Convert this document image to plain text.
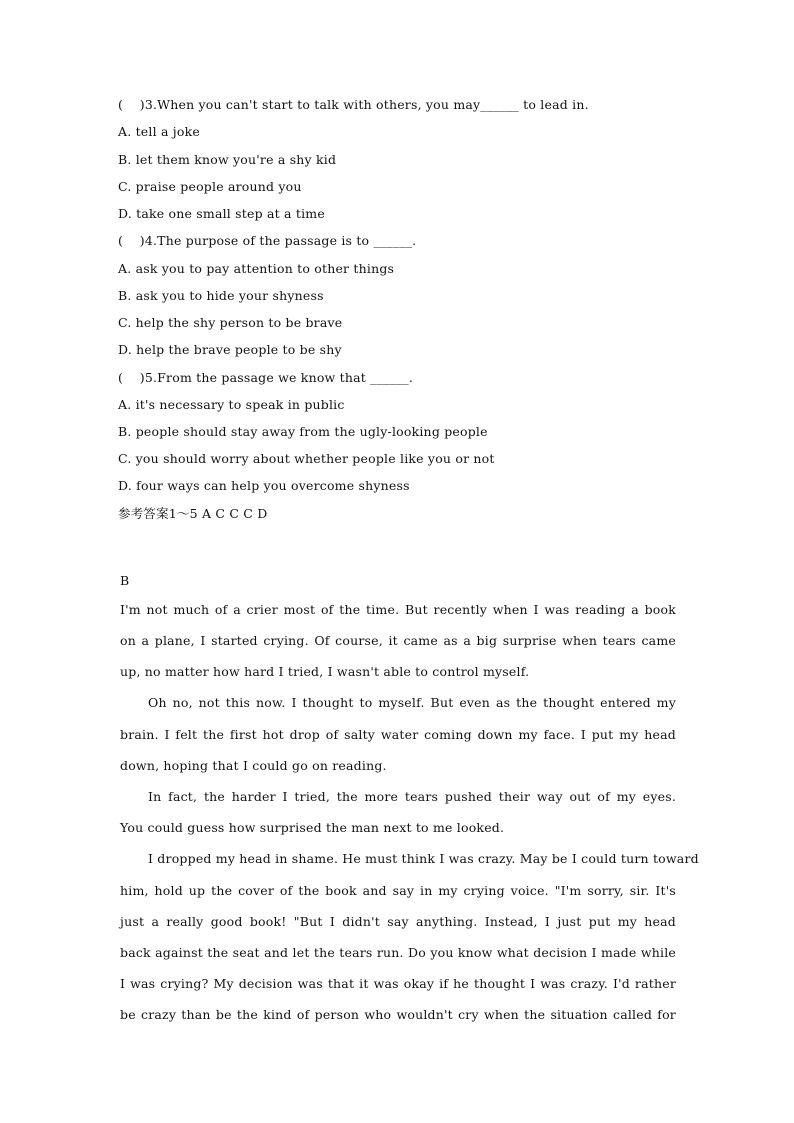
(    )3.When you can't start to talk with others, you may______ to lead in.
A. tell a joke
B. let them know you're a shy kid
C. praise people around you
D. take one small step at a time
(    )4.The purpose of the passage is to ______.
A. ask you to pay attention to other things
B. ask you to hide your shyness
C. help the shy person to be brave
D. help the brave people to be shy
(    )5.From the passage we know that ______.
A. it's necessary to speak in public
B. people should stay away from the ugly-looking people
C. you should worry about whether people like you or not
D. four ways can help you overcome shyness
参考答案1～5 A C C C D
B
I'm not much of a crier most of the time. But recently when I was reading a book
on a plane, I started crying. Of course, it came as a big surprise when tears came
up, no matter how hard I tried, I wasn't able to control myself.
Oh no, not this now. I thought to myself. But even as the thought entered my
brain. I felt the first hot drop of salty water coming down my face. I put my head
down, hoping that I could go on reading.
In fact, the harder I tried, the more tears pushed their way out of my eyes.
You could guess how surprised the man next to me looked.
I dropped my head in shame. He must think I was crazy. May be I could turn toward
him, hold up the cover of the book and say in my crying voice. "I'm sorry, sir. It's
just a really good book! "But I didn't say anything. Instead, I just put my head
back against the seat and let the tears run. Do you know what decision I made while
I was crying? My decision was that it was okay if he thought I was crazy. I'd rather
be crazy than be the kind of person who wouldn't cry when the situation called for
